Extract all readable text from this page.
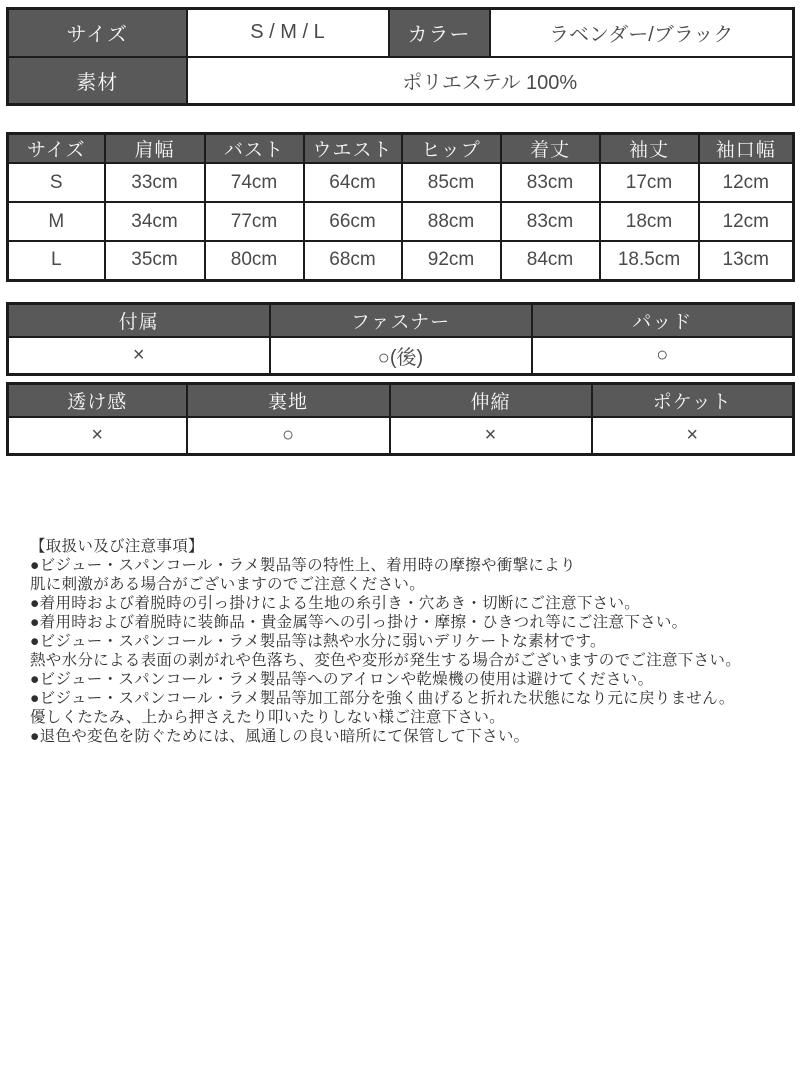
サイズ	S / M / L	カラー	ラベンダー/ブラック
素材	ポリエステル 100%		
サイズ	肩幅	バスト	ウエスト	ヒップ	着丈	袖丈	袖口幅
S	33cm	74cm	64cm	85cm	83cm	17cm	12cm
M	34cm	77cm	66cm	88cm	83cm	18cm	12cm
L	35cm	80cm	68cm	92cm	84cm	18.5cm	13cm
付属	ファスナー	パッド
×	○(後)	○
透け感	裏地	伸縮	ポケット
×	○	×	×
【取扱い及び注意事項】
●ビジュー・スパンコール・ラメ製品等の特性上、着用時の摩擦や衝撃により
肌に刺激がある場合がございますのでご注意ください。
●着用時および着脱時の引っ掛けによる生地の糸引き・穴あき・切断にご注意下さい。
●着用時および着脱時に装飾品・貴金属等への引っ掛け・摩擦・ひきつれ等にご注意下さい。
●ビジュー・スパンコール・ラメ製品等は熱や水分に弱いデリケートな素材です。
熱や水分による表面の剥がれや色落ち、変色や変形が発生する場合がございますのでご注意下さい。
●ビジュー・スパンコール・ラメ製品等へのアイロンや乾燥機の使用は避けてください。
●ビジュー・スパンコール・ラメ製品等加工部分を強く曲げると折れた状態になり元に戻りません。
優しくたたみ、上から押さえたり叩いたりしない様ご注意下さい。
●退色や変色を防ぐためには、風通しの良い暗所にて保管して下さい。
